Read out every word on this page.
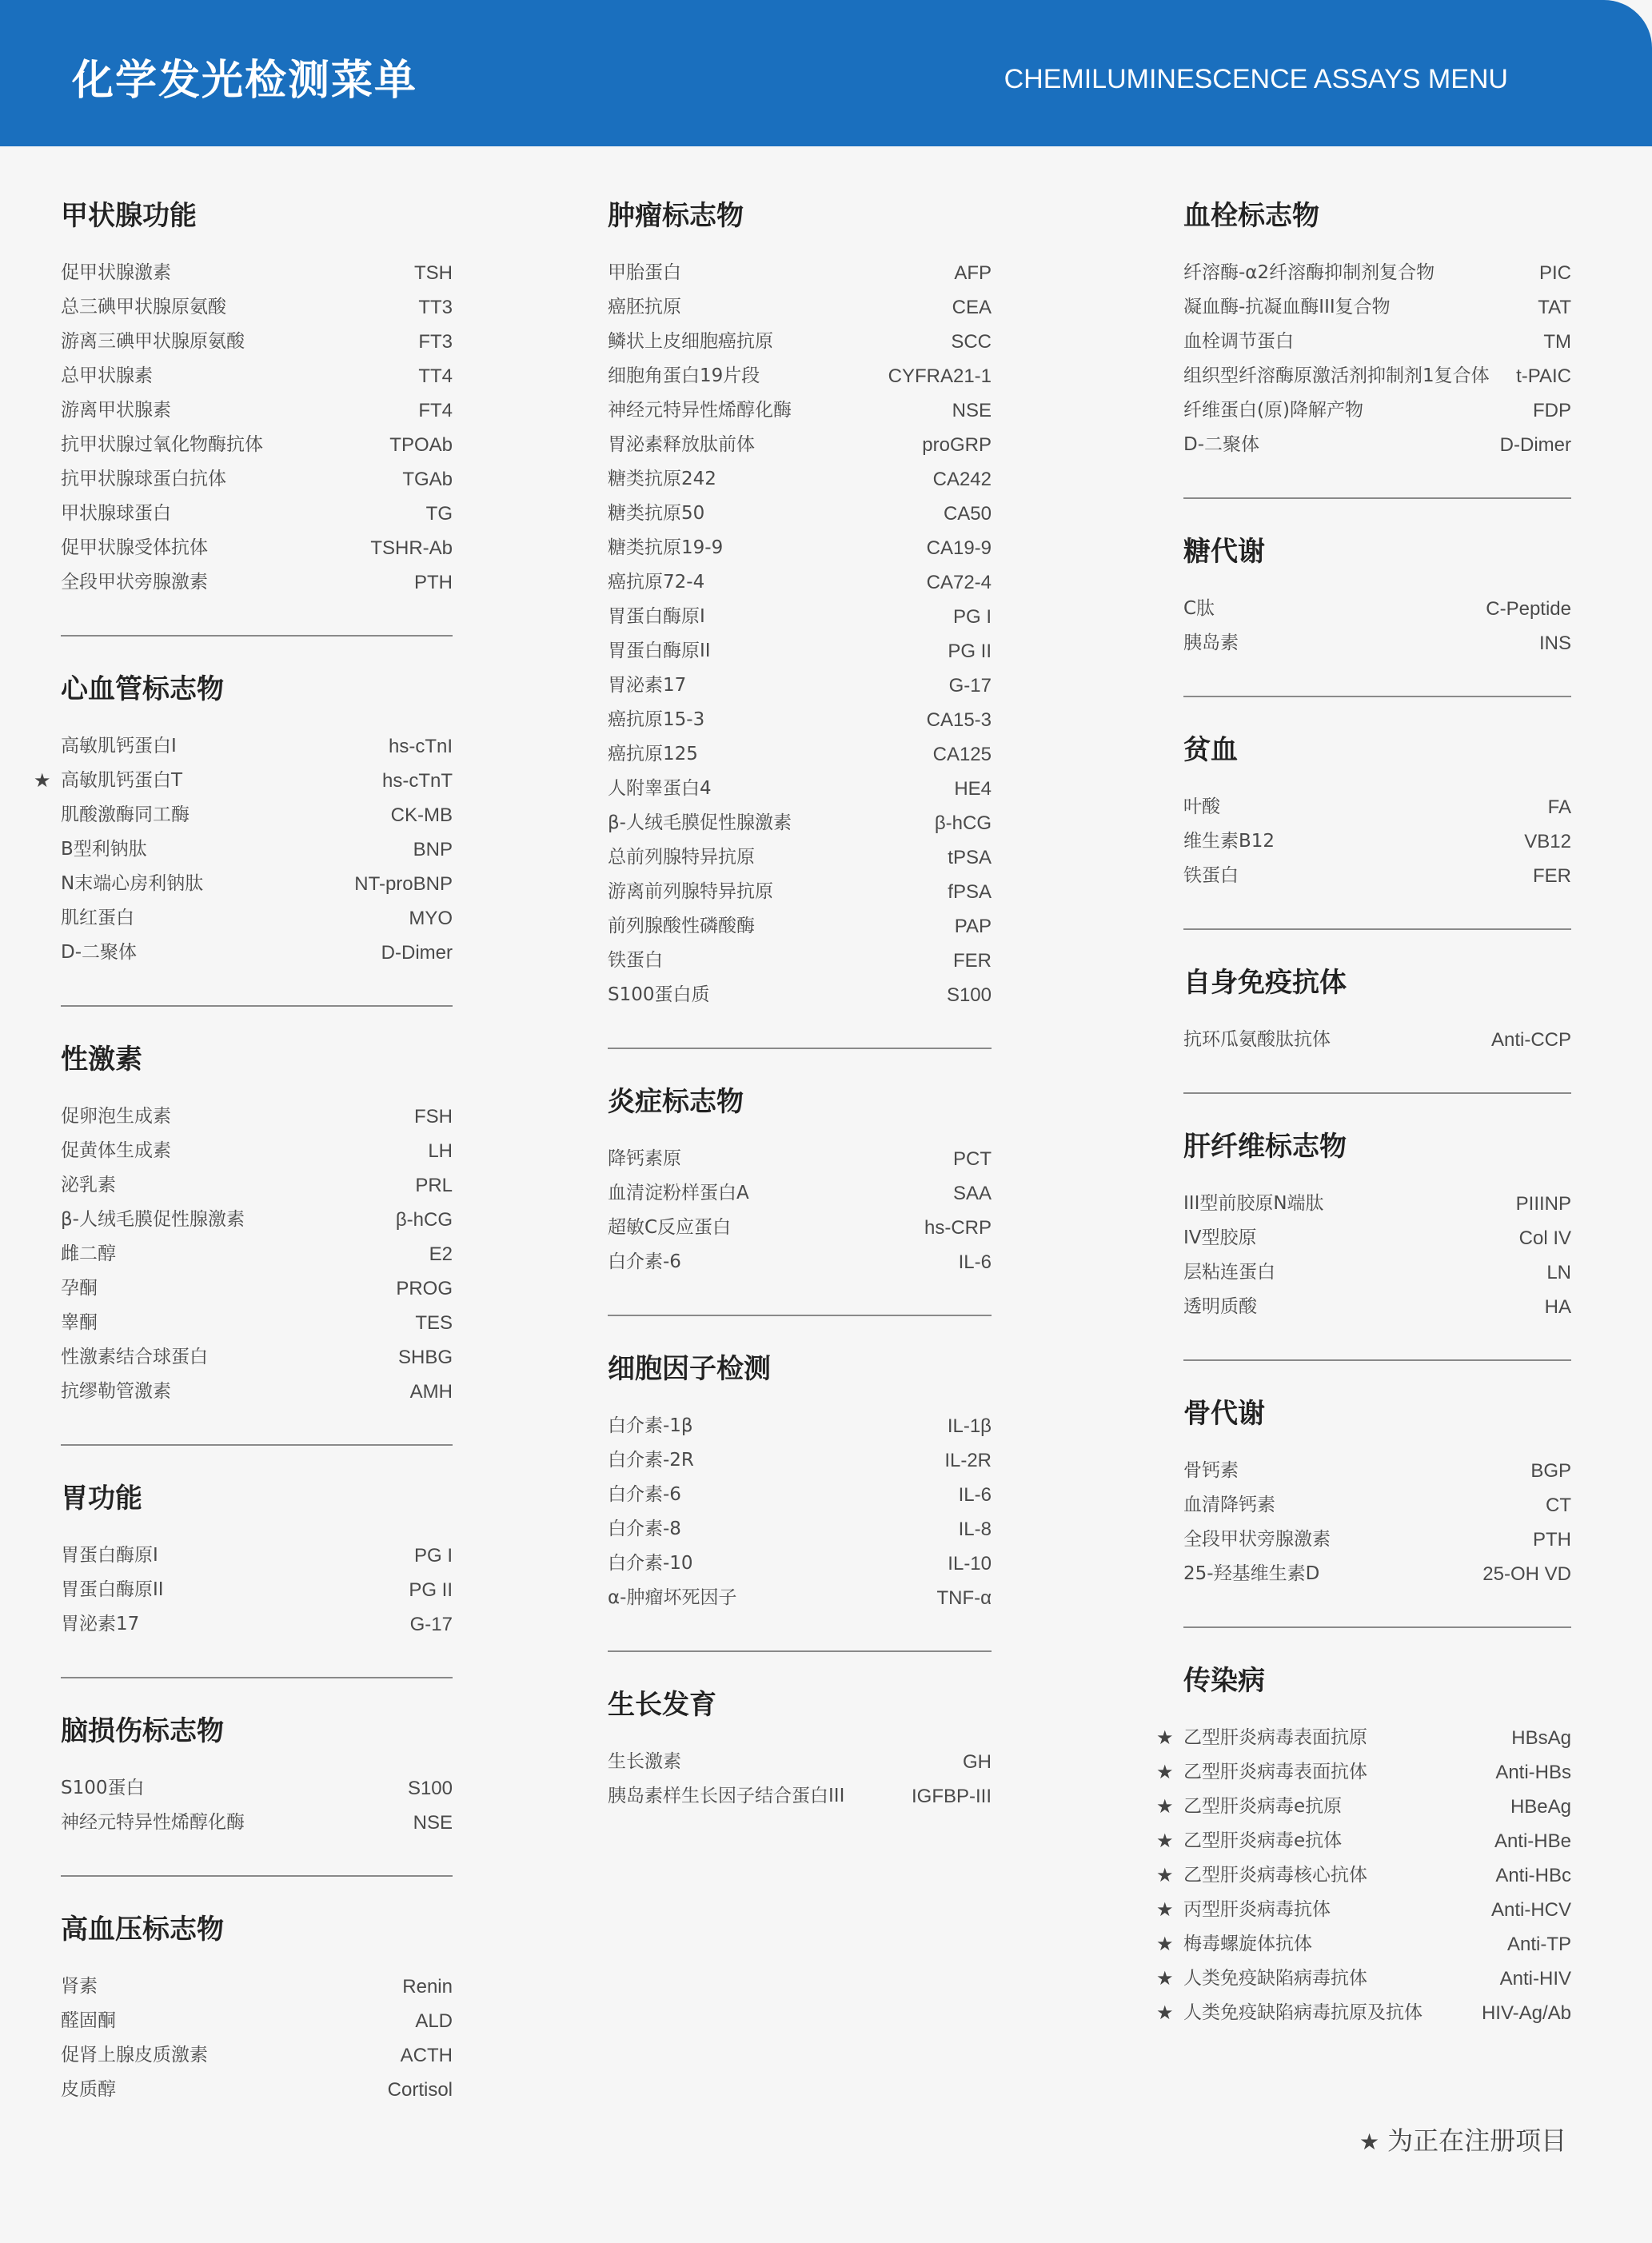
化学发光检测菜单	CHEMILUMINESCENCE ASSAYS MENU
甲状腺功能
促甲状腺激素	TSH
总三碘甲状腺原氨酸	TT3
游离三碘甲状腺原氨酸	FT3
总甲状腺素	TT4
游离甲状腺素	FT4
抗甲状腺过氧化物酶抗体	TPOAb
抗甲状腺球蛋白抗体	TGAb
甲状腺球蛋白	TG
促甲状腺受体抗体	TSHR-Ab
全段甲状旁腺激素	PTH
心血管标志物
高敏肌钙蛋白I	hs-cTnI
★ 高敏肌钙蛋白T	hs-cTnT
肌酸激酶同工酶	CK-MB
B型利钠肽	BNP
N末端心房利钠肽	NT-proBNP
肌红蛋白	MYO
D-二聚体	D-Dimer
性激素
促卵泡生成素	FSH
促黄体生成素	LH
泌乳素	PRL
β-人绒毛膜促性腺激素	β-hCG
雌二醇	E2
孕酮	PROG
睾酮	TES
性激素结合球蛋白	SHBG
抗缪勒管激素	AMH
胃功能
胃蛋白酶原I	PG I
胃蛋白酶原II	PG II
胃泌素17	G-17
脑损伤标志物
S100蛋白	S100
神经元特异性烯醇化酶	NSE
高血压标志物
肾素	Renin
醛固酮	ALD
促肾上腺皮质激素	ACTH
皮质醇	Cortisol
肿瘤标志物
甲胎蛋白	AFP
癌胚抗原	CEA
鳞状上皮细胞癌抗原	SCC
细胞角蛋白19片段	CYFRA21-1
神经元特异性烯醇化酶	NSE
胃泌素释放肽前体	proGRP
糖类抗原242	CA242
糖类抗原50	CA50
糖类抗原19-9	CA19-9
癌抗原72-4	CA72-4
胃蛋白酶原I	PG I
胃蛋白酶原II	PG II
胃泌素17	G-17
癌抗原15-3	CA15-3
癌抗原125	CA125
人附睾蛋白4	HE4
β-人绒毛膜促性腺激素	β-hCG
总前列腺特异抗原	tPSA
游离前列腺特异抗原	fPSA
前列腺酸性磷酸酶	PAP
铁蛋白	FER
S100蛋白质	S100
炎症标志物
降钙素原	PCT
血清淀粉样蛋白A	SAA
超敏C反应蛋白	hs-CRP
白介素-6	IL-6
细胞因子检测
白介素-1β	IL-1β
白介素-2R	IL-2R
白介素-6	IL-6
白介素-8	IL-8
白介素-10	IL-10
α-肿瘤坏死因子	TNF-α
生长发育
生长激素	GH
胰岛素样生长因子结合蛋白III	IGFBP-III
血栓标志物
纤溶酶-α2纤溶酶抑制剂复合物	PIC
凝血酶-抗凝血酶III复合物	TAT
血栓调节蛋白	TM
组织型纤溶酶原激活剂抑制剂1复合体 t-PAIC
纤维蛋白(原)降解产物	FDP
D-二聚体	D-Dimer
糖代谢
C肽	C-Peptide
胰岛素	INS
贫血
叶酸	FA
维生素B12	VB12
铁蛋白	FER
自身免疫抗体
抗环瓜氨酸肽抗体	Anti-CCP
肝纤维标志物
III型前胶原N端肽	PIIINP
IV型胶原	Col IV
层粘连蛋白	LN
透明质酸	HA
骨代谢
骨钙素	BGP
血清降钙素	CT
全段甲状旁腺激素	PTH
25-羟基维生素D	25-OH VD
传染病
★ 乙型肝炎病毒表面抗原	HBsAg
★ 乙型肝炎病毒表面抗体	Anti-HBs
★ 乙型肝炎病毒e抗原	HBeAg
★ 乙型肝炎病毒e抗体	Anti-HBe
★ 乙型肝炎病毒核心抗体	Anti-HBc
★ 丙型肝炎病毒抗体	Anti-HCV
★ 梅毒螺旋体抗体	Anti-TP
★ 人类免疫缺陷病毒抗体	Anti-HIV
★ 人类免疫缺陷病毒抗原及抗体	HIV-Ag/Ab
★ 为正在注册项目
